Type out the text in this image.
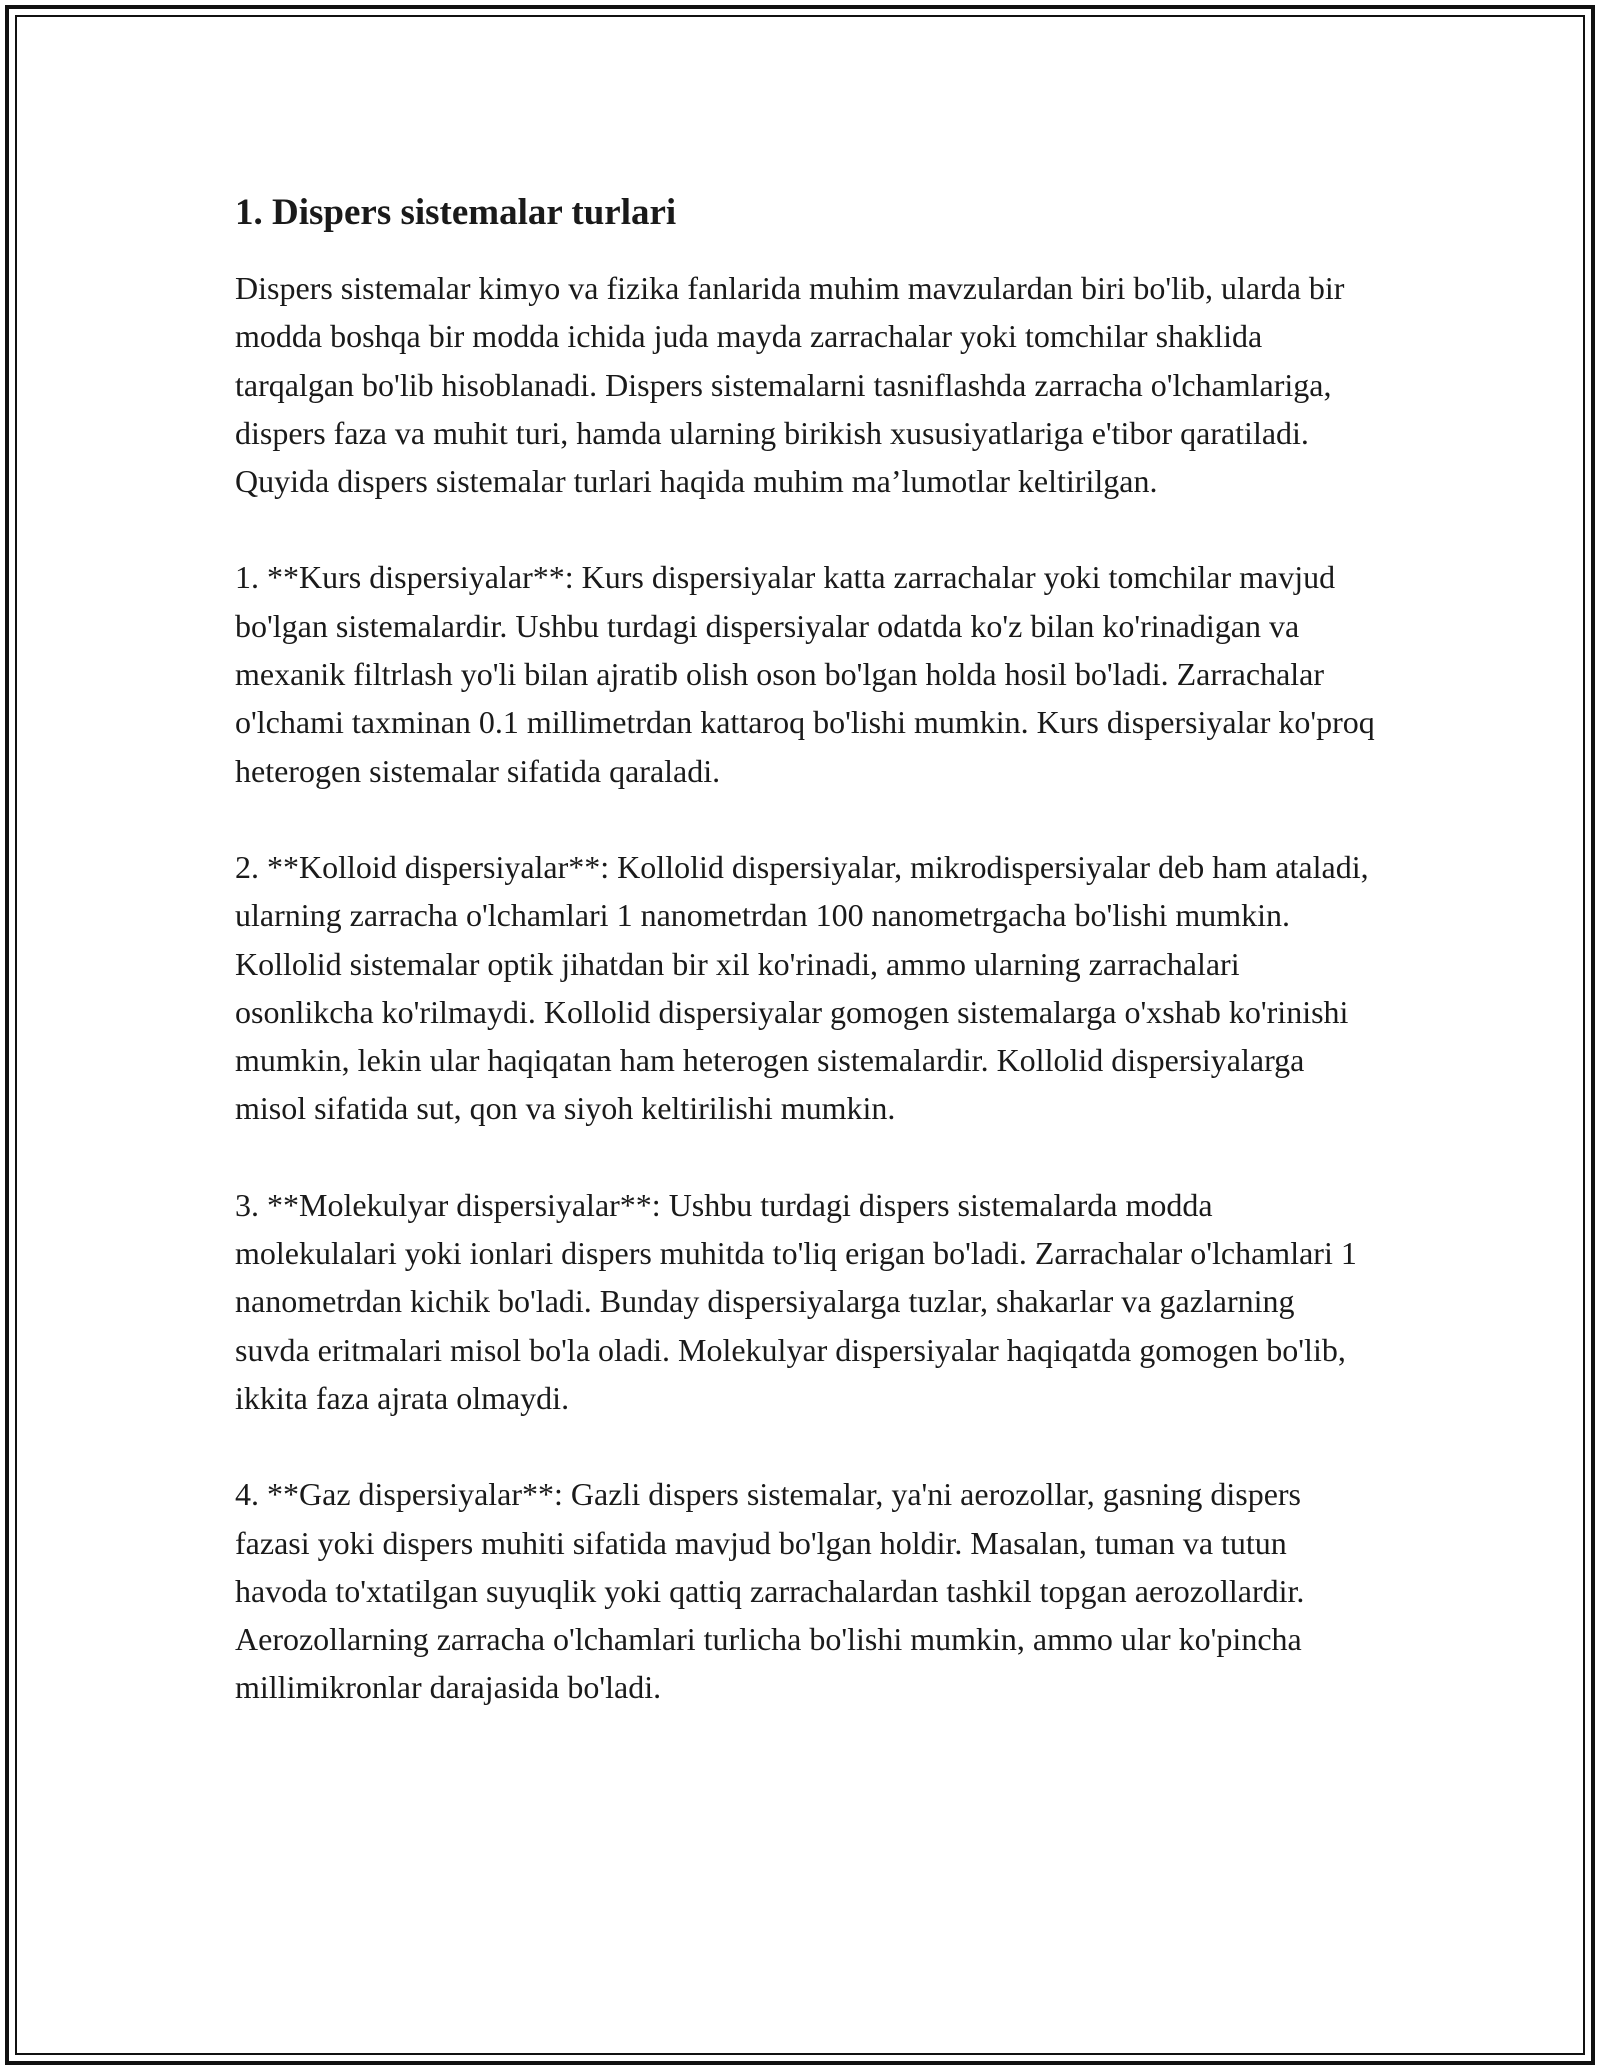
1. Dispers sistemalar turlari

Dispers sistemalar kimyo va fizika fanlarida muhim mavzulardan biri bo'lib, ularda bir modda boshqa bir modda ichida juda mayda zarrachalar yoki tomchilar shaklida tarqalgan bo'lib hisoblanadi. Dispers sistemalarni tasniflashda zarracha o'lchamlariga, dispers faza va muhit turi, hamda ularning birikish xususiyatlariga e'tibor qaratiladi. Quyida dispers sistemalar turlari haqida muhim ma’lumotlar keltirilgan.

1. **Kurs dispersiyalar**: Kurs dispersiyalar katta zarrachalar yoki tomchilar mavjud bo'lgan sistemalardir. Ushbu turdagi dispersiyalar odatda ko'z bilan ko'rinadigan va mexanik filtrlash yo'li bilan ajratib olish oson bo'lgan holda hosil bo'ladi. Zarrachalar o'lchami taxminan 0.1 millimetrdan kattaroq bo'lishi mumkin. Kurs dispersiyalar ko'proq heterogen sistemalar sifatida qaraladi.

2. **Kolloid dispersiyalar**: Kollolid dispersiyalar, mikrodispersiyalar deb ham ataladi, ularning zarracha o'lchamlari 1 nanometrdan 100 nanometrgacha bo'lishi mumkin. Kollolid sistemalar optik jihatdan bir xil ko'rinadi, ammo ularning zarrachalari osonlikcha ko'rilmaydi. Kollolid dispersiyalar gomogen sistemalarga o'xshab ko'rinishi mumkin, lekin ular haqiqatan ham heterogen sistemalardir. Kollolid dispersiyalarga misol sifatida sut, qon va siyoh keltirilishi mumkin.

3. **Molekulyar dispersiyalar**: Ushbu turdagi dispers sistemalarda modda molekulalari yoki ionlari dispers muhitda to'liq erigan bo'ladi. Zarrachalar o'lchamlari 1 nanometrdan kichik bo'ladi. Bunday dispersiyalarga tuzlar, shakarlar va gazlarning suvda eritmalari misol bo'la oladi. Molekulyar dispersiyalar haqiqatda gomogen bo'lib, ikkita faza ajrata olmaydi.

4. **Gaz dispersiyalar**: Gazli dispers sistemalar, ya'ni aerozollar, gasning dispers fazasi yoki dispers muhiti sifatida mavjud bo'lgan holdir. Masalan, tuman va tutun havoda to'xtatilgan suyuqlik yoki qattiq zarrachalardan tashkil topgan aerozollardir. Aerozollarning zarracha o'lchamlari turlicha bo'lishi mumkin, ammo ular ko'pincha millimikronlar darajasida bo'ladi.
